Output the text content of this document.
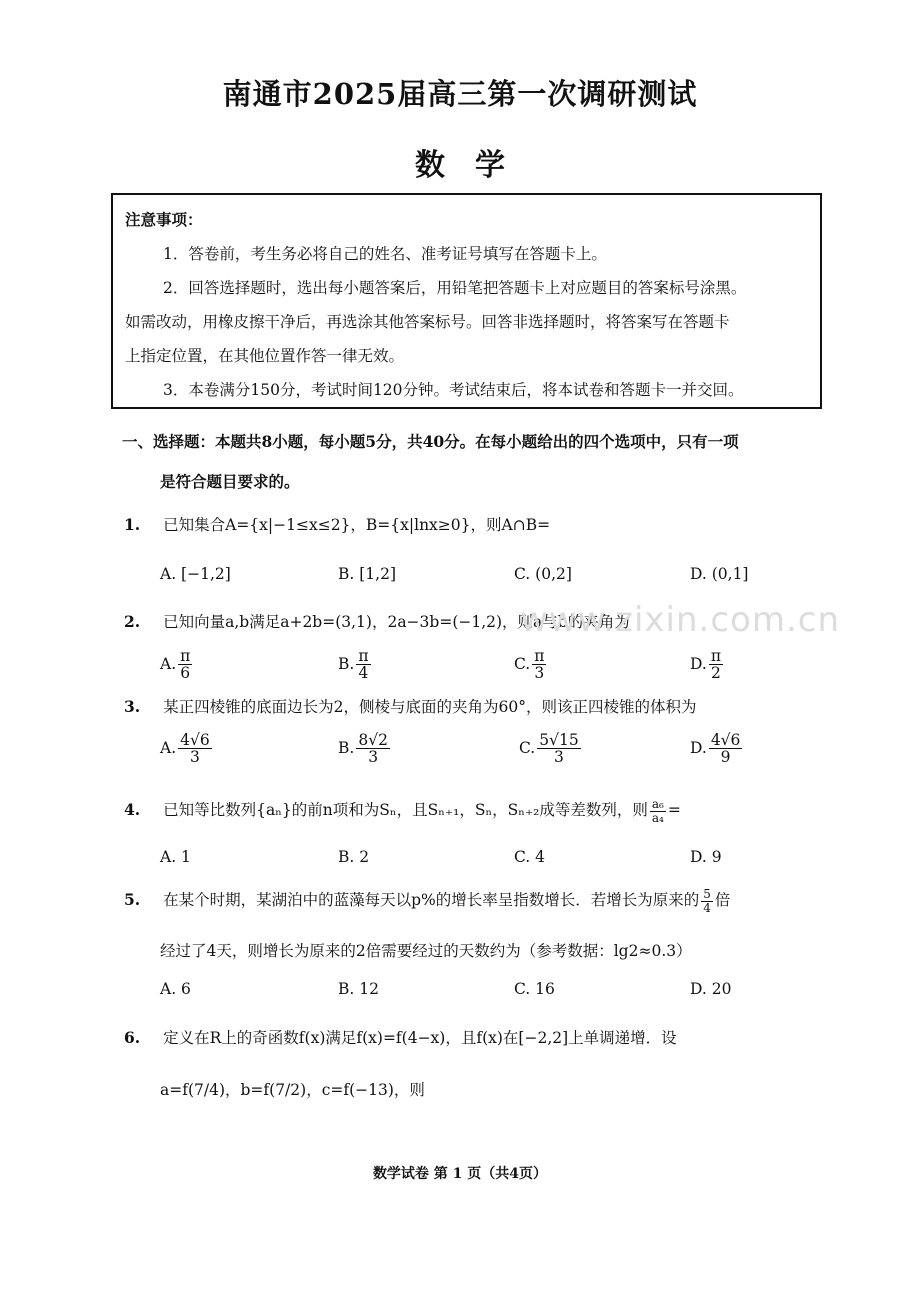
南通市2025届高三第一次调研测试
数学
注意事项：
1．答卷前，考生务必将自己的姓名、准考证号填写在答题卡上。
2．回答选择题时，选出每小题答案后，用铅笔把答题卡上对应题目的答案标号涂黑。
如需改动，用橡皮擦干净后，再选涂其他答案标号。回答非选择题时，将答案写在答题卡
上指定位置，在其他位置作答一律无效。
3．本卷满分150分，考试时间120分钟。考试结束后，将本试卷和答题卡一并交回。
一、选择题：本题共8小题，每小题5分，共40分。在每小题给出的四个选项中，只有一项
是符合题目要求的。
1. 已知集合A={x|−1≤x≤2}，B={x|lnx≥0}，则A∩B=
A. [−1,2]	B. [1,2]	C. (0,2]	D. (0,1]
2. 已知向量a,b满足a+2b=(3,1)，2a−3b=(−1,2)，则a与b的夹角为
A. $\frac{\pi}{6}$	B. $\frac{\pi}{4}$	C. $\frac{\pi}{3}$	D. $\frac{\pi}{2}$
3. 某正四棱锥的底面边长为2，侧棱与底面的夹角为60°，则该正四棱锥的体积为
A. $\frac{4√6}{3}$	B. $\frac{8√2}{3}$	C. $\frac{5√15}{3}$	D. $\frac{4√6}{9}$
4. 已知等比数列{aₙ}的前n项和为Sₙ，且Sₙ₊₁，Sₙ，Sₙ₊₂成等差数列，则 $\frac{\text{a₆}}{\text{a₄}}$ =
A. 1	B. 2	C. 4	D. 9
5. 在某个时期，某湖泊中的蓝藻每天以p%的增长率呈指数增长．若增长为原来的 $\frac{5}{4}$ 倍
经过了4天，则增长为原来的2倍需要经过的天数约为（参考数据：lg2≈0.3）
A. 6	B. 12	C. 16	D. 20
6. 定义在R上的奇函数f(x)满足f(x)=f(4−x)，且f(x)在[−2,2]上单调递增．设
a=f(7/4)，b=f(7/2)，c=f(−13)，则
www.zixin.com.cn
数学试卷 第 1 页（共4页）
